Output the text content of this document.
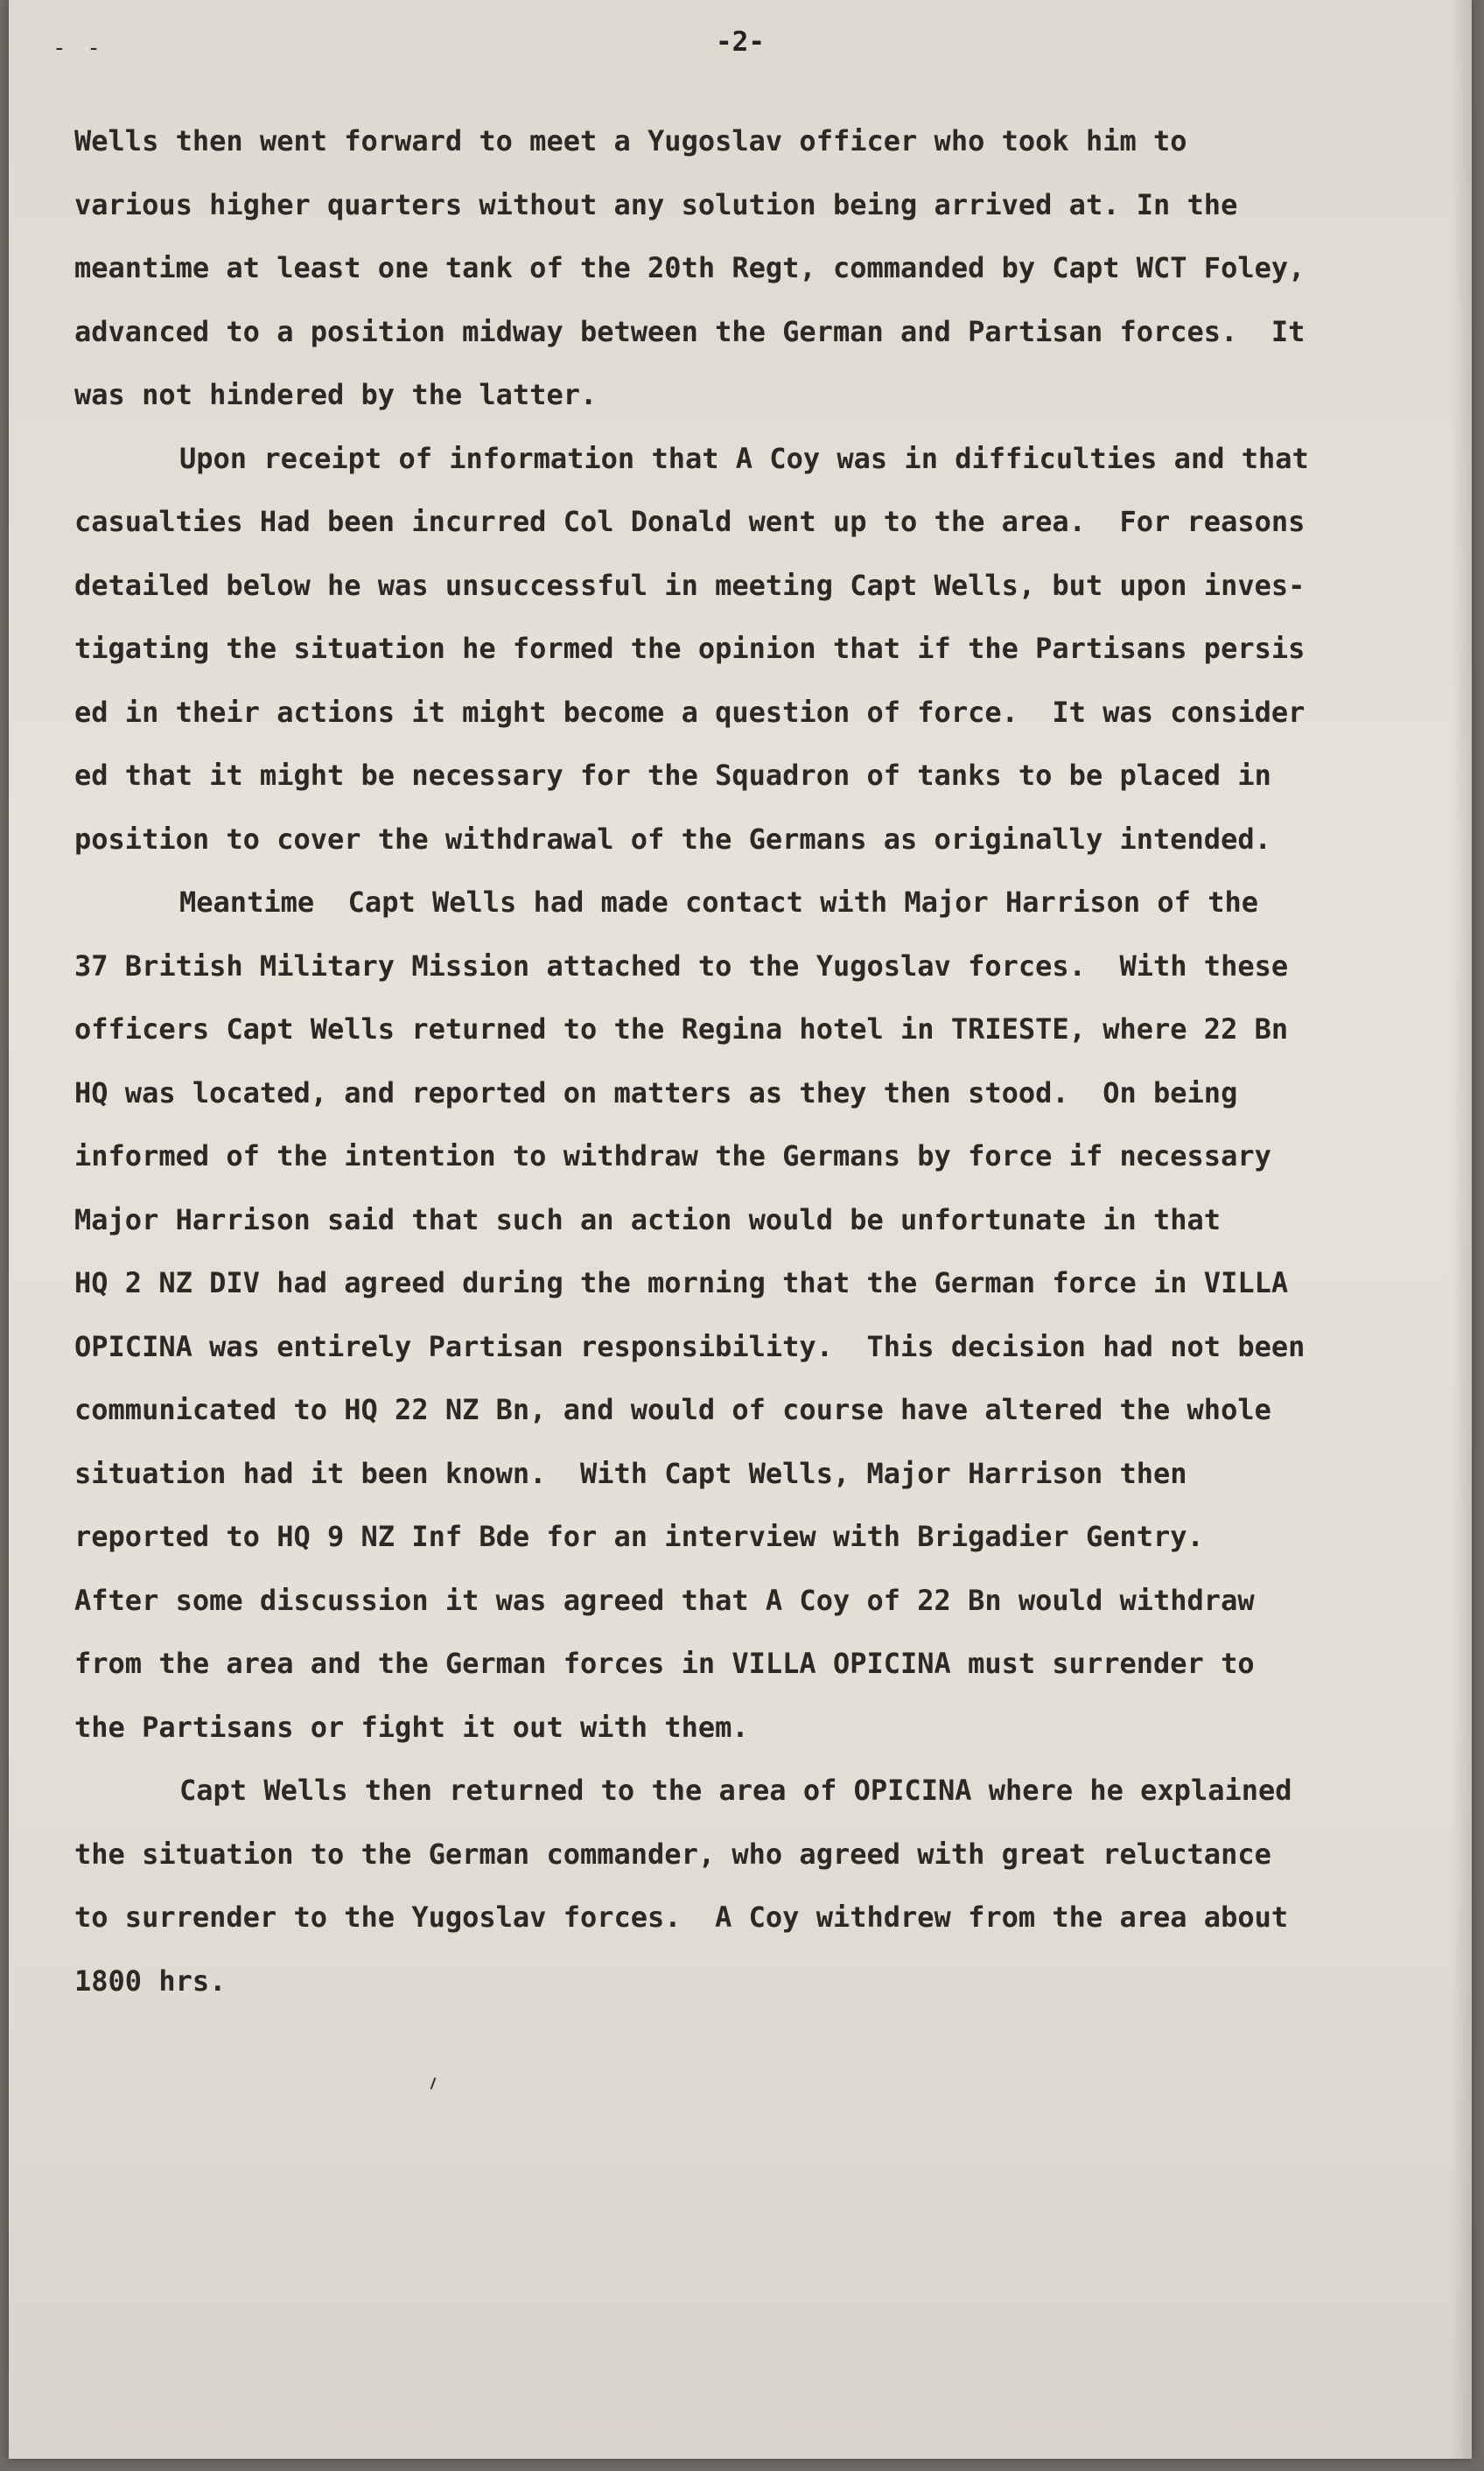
- -	-2-
Wells then went forward to meet a Yugoslav officer who took him to
various higher quarters without any solution being arrived at. In the
meantime at least one tank of the 20th Regt, commanded by Capt WCT Foley,
advanced to a position midway between the German and Partisan forces.  It
was not hindered by the latter.
Upon receipt of information that A Coy was in difficulties and that
casualties Had been incurred Col Donald went up to the area.  For reasons
detailed below he was unsuccessful in meeting Capt Wells, but upon inves-
tigating the situation he formed the opinion that if the Partisans persis
ed in their actions it might become a question of force.  It was consider
ed that it might be necessary for the Squadron of tanks to be placed in
position to cover the withdrawal of the Germans as originally intended.
Meantime  Capt Wells had made contact with Major Harrison of the
37 British Military Mission attached to the Yugoslav forces.  With these
officers Capt Wells returned to the Regina hotel in TRIESTE, where 22 Bn
HQ was located, and reported on matters as they then stood.  On being
informed of the intention to withdraw the Germans by force if necessary
Major Harrison said that such an action would be unfortunate in that
HQ 2 NZ DIV had agreed during the morning that the German force in VILLA
OPICINA was entirely Partisan responsibility.  This decision had not been
communicated to HQ 22 NZ Bn, and would of course have altered the whole
situation had it been known.  With Capt Wells, Major Harrison then
reported to HQ 9 NZ Inf Bde for an interview with Brigadier Gentry.
After some discussion it was agreed that A Coy of 22 Bn would withdraw
from the area and the German forces in VILLA OPICINA must surrender to
the Partisans or fight it out with them.
Capt Wells then returned to the area of OPICINA where he explained
the situation to the German commander, who agreed with great reluctance
to surrender to the Yugoslav forces.  A Coy withdrew from the area about
1800 hrs.
